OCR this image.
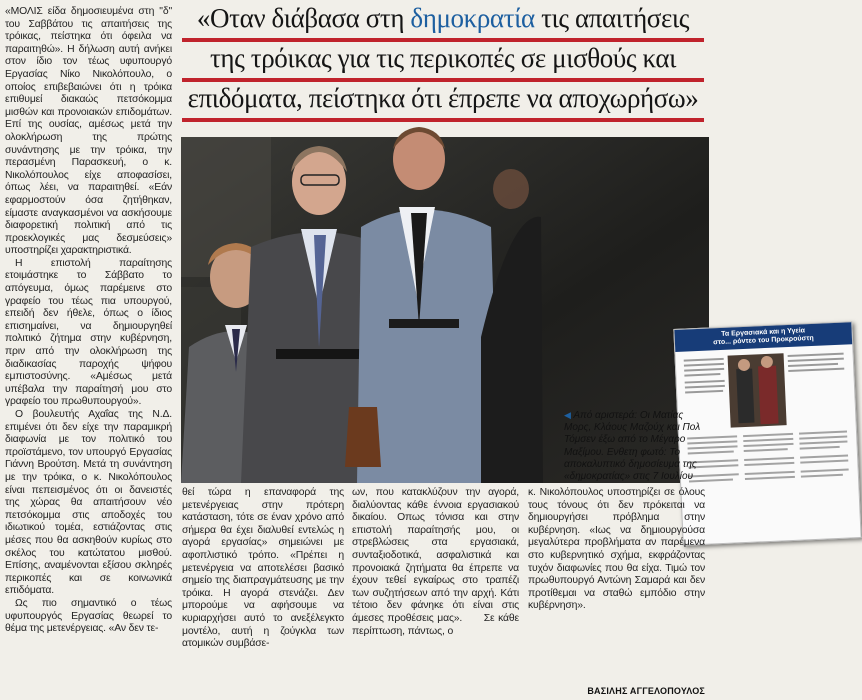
«ΜΟΛΙΣ είδα δημοσιευμένα στη "δ" του Σαββάτου τις απαιτήσεις της τρόικας, πείστηκα ότι όφειλα να παραιτηθώ». Η δήλωση αυτή ανήκει στον ίδιο τον τέως υφυπουργό Εργασίας Νίκο Νικολόπουλο, ο οποίος επιβεβαιώνει ότι η τρόικα επιθυμεί διακαώς πετσόκομμα μισθών και προνοιακών επιδομάτων. Επί της ουσίας, αμέσως μετά την ολοκλήρωση της πρώτης συνάντησης με την τρόικα, την περασμένη Παρασκευή, ο κ. Νικολόπουλος είχε αποφασίσει, όπως λέει, να παραιτηθεί. «Εάν εφαρμοστούν όσα ζητήθηκαν, είμαστε αναγκασμένοι να ασκήσουμε διαφορετική πολιτική από τις προεκλογικές μας δεσμεύσεις» υποστηρίζει χαρακτηριστικά.

Η επιστολή παραίτησης ετοιμάστηκε το Σάββατο το απόγευμα, όμως παρέμεινε στο γραφείο του τέως πια υπουργού, επειδή δεν ήθελε, όπως ο ίδιος επισημαίνει, να δημιουργηθεί πολιτικό ζήτημα στην κυβέρνηση, πριν από την ολοκλήρωση της διαδικασίας παροχής ψήφου εμπιστοσύνης. «Αμέσως μετά υπέβαλα την παραίτησή μου στο γραφείο του πρωθυπουργού».

Ο βουλευτής Αχαΐας της Ν.Δ. επιμένει ότι δεν είχε την παραμικρή διαφωνία με τον πολιτικό του προϊστάμενο, τον υπουργό Εργασίας Γιάννη Βρούτση. Μετά τη συνάντηση με την τρόικα, ο κ. Νικολόπουλος είναι πεπεισμένος ότι οι δανειστές της χώρας θα απαιτήσουν νέο πετσόκομμα στις αποδοχές του ιδιωτικού τομέα, εστιάζοντας στις μέσες που θα ασκηθούν κυρίως στο σκέλος του κατώτατου μισθού. Επίσης, αναμένονται εξίσου σκληρές περικοπές και σε κοινωνικά επιδόματα.

Ως πιο σημαντικό ο τέως υφυπουργός Εργασίας θεωρεί το θέμα της μετενέργειας. «Αν δεν τε-

«Οταν διάβασα στη δημοκρατία τις απαιτήσεις
της τρόικας για τις περικοπές σε μισθούς και
επιδόματα, πείστηκα ότι έπρεπε να αποχωρήσω»
Τα Εργασιακά και η Υγεία
στο... ρόντεο του Προκρούστη
◀ Από αριστερά: Οι Ματίας Μορς, Κλάους Μαζούχ και Πολ Τόμσεν έξω από το Μέγαρο Μαξίμου. Ενθετη φωτό: Το αποκαλυπτικό δημοσίευμα της «δημοκρατίας» στις 7 Ιουλίου
θεί τώρα η επαναφορά της μετενέργειας στην πρότερη κατάσταση, τότε σε έναν χρόνο από σήμερα θα έχει διαλυθεί εντελώς η αγορά εργασίας» σημειώνει με αφοπλιστικό τρόπο. «Πρέπει η μετενέργεια να αποτελέσει βασικό σημείο της διαπραγμάτευσης με την τρόικα. Η αγορά στενάζει. Δεν μπορούμε να αφήσουμε να κυριαρχήσει αυτό το ανεξέλεγκτο μοντέλο, αυτή η ζούγκλα των ατομικών συμβάσε-
ων, που κατακλύζουν την αγορά, διαλύοντας κάθε έννοια εργασιακού δικαίου. Οπως τόνισα και στην επιστολή παραίτησής μου, οι στρεβλώσεις στα εργασιακά, συνταξιοδοτικά, ασφαλιστικά και προνοιακά ζητήματα θα έπρεπε να έχουν τεθεί εγκαίρως στο τραπέζι των συζητήσεων από την αρχή. Κάτι τέτοιο δεν φάνηκε ότι είναι στις άμεσες προθέσεις μας».      Σε κάθε περίπτωση, πάντως, ο
κ. Νικολόπουλος υποστηρίζει σε όλους τους τόνους ότι δεν πρόκειται να δημιουργήσει πρόβλημα στην κυβέρνηση. «Ιως να δημιουργούσα μεγαλύτερα προβλήματα αν παρέμενα στο κυβερνητικό σχήμα, εκφράζοντας τυχόν διαφωνίες που θα είχα. Τιμώ τον πρωθυπουργό Αντώνη Σαμαρά και δεν προτίθεμαι να σταθώ εμπόδιο στην κυβέρνηση».
ΒΑΣΙΛΗΣ ΑΓΓΕΛΟΠΟΥΛΟΣ
